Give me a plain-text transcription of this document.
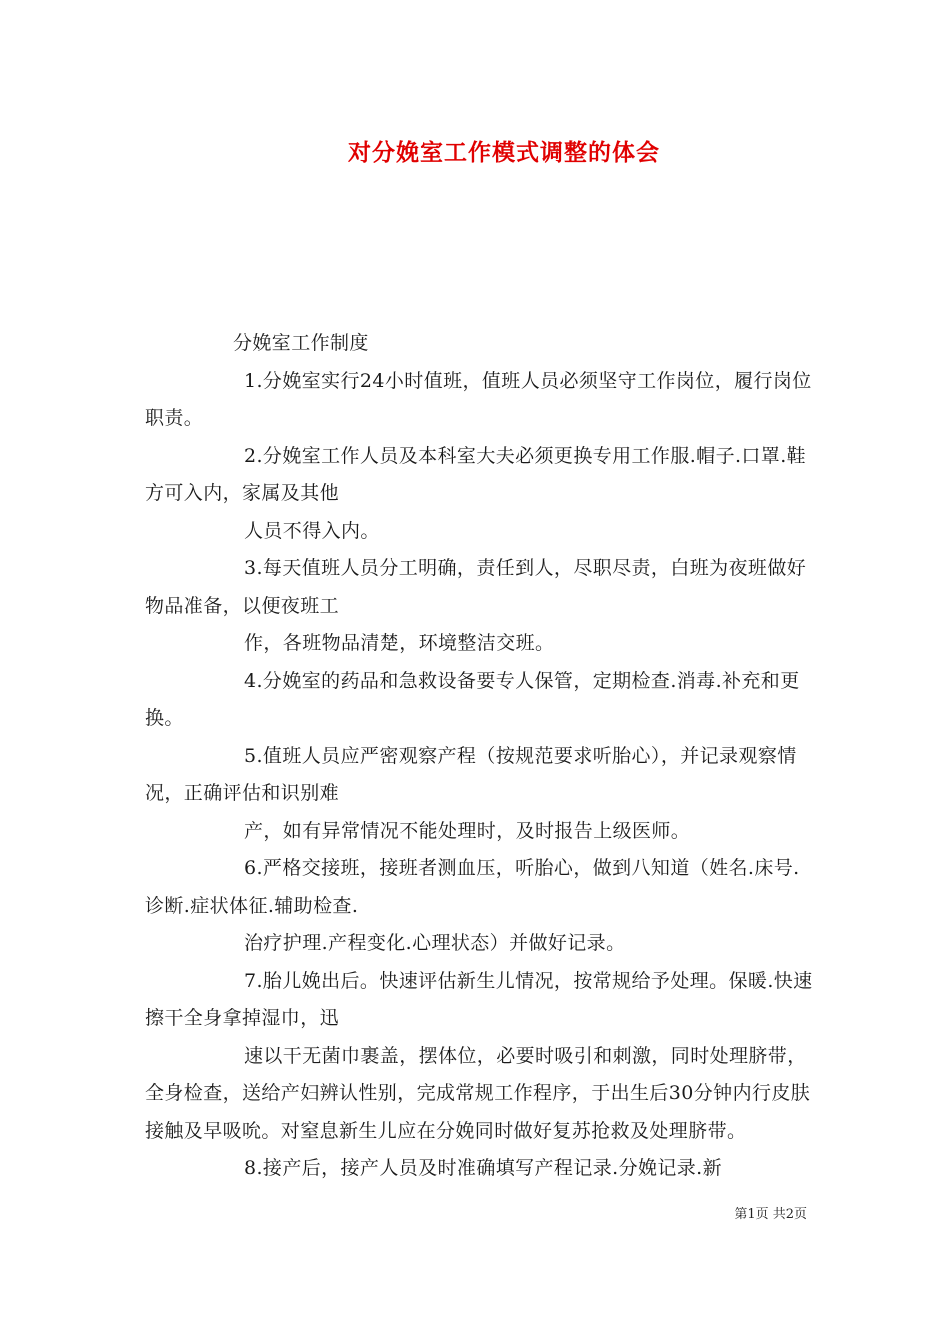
对分娩室工作模式调整的体会

分娩室工作制度

1.分娩室实行24小时值班，值班人员必须坚守工作岗位，履行岗位职责。

2.分娩室工作人员及本科室大夫必须更换专用工作服.帽子.口罩.鞋方可入内，家属及其他

人员不得入内。

3.每天值班人员分工明确，责任到人，尽职尽责，白班为夜班做好物品准备，以便夜班工

作，各班物品清楚，环境整洁交班。

4.分娩室的药品和急救设备要专人保管，定期检查.消毒.补充和更换。

5.值班人员应严密观察产程（按规范要求听胎心），并记录观察情况，正确评估和识别难

产，如有异常情况不能处理时，及时报告上级医师。

6.严格交接班，接班者测血压，听胎心，做到八知道（姓名.床号.诊断.症状体征.辅助检查.

治疗护理.产程变化.心理状态）并做好记录。

7.胎儿娩出后。快速评估新生儿情况，按常规给予处理。保暖.快速擦干全身拿掉湿巾，迅

速以干无菌巾裹盖，摆体位，必要时吸引和刺激，同时处理脐带，全身检查，送给产妇辨认性别，完成常规工作程序，于出生后30分钟内行皮肤接触及早吸吮。对窒息新生儿应在分娩同时做好复苏抢救及处理脐带。

8.接产后，接产人员及时准确填写产程记录.分娩记录.新

第1页 共2页
